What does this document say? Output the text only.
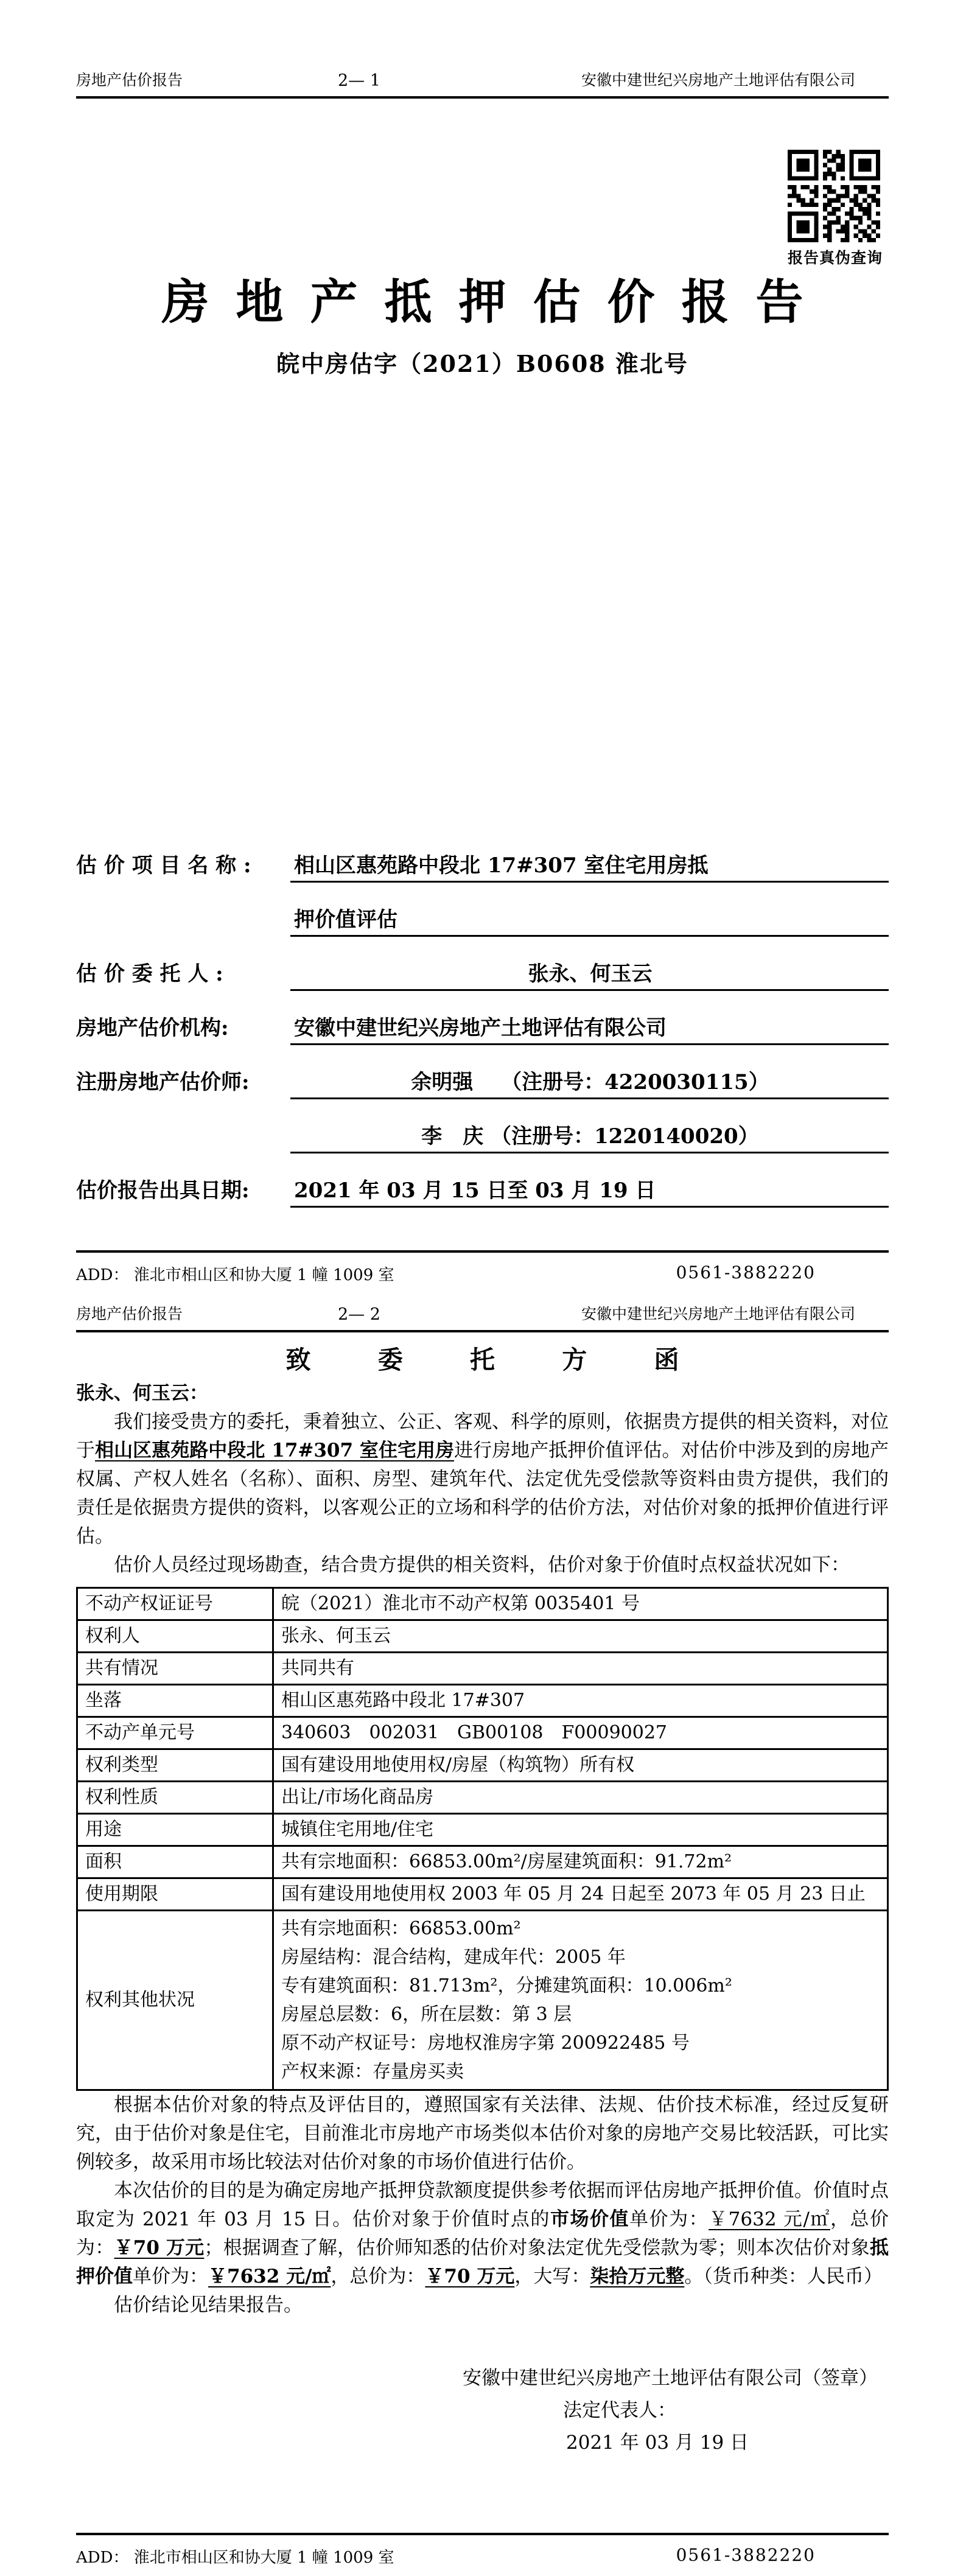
房地产估价报告	2— 1	安徽中建世纪兴房地产土地评估有限公司
报告真伪查询
房地产抵押估价报告
皖中房估字（2021）B0608 淮北号
估 价 项 目 名 称 :	相山区惠苑路中段北 17#307 室住宅用房抵
押价值评估
估 价 委 托 人 :	张永、何玉云
房地产估价机构:	安徽中建世纪兴房地产土地评估有限公司
注册房地产估价师:	余明强　 （注册号：4220030115）
李　庆 （注册号：1220140020）
估价报告出具日期:	2021 年 03 月 15 日至 03 月 19 日
ADD： 淮北市相山区和协大厦 1 幢 1009 室	0561-3882220
房地产估价报告	2— 2	安徽中建世纪兴房地产土地评估有限公司
致 委 托 方 函
张永、何玉云：
我们接受贵方的委托，秉着独立、公正、客观、科学的原则，依据贵方提供的相关资料，对位于相山区惠苑路中段北 17#307 室住宅用房进行房地产抵押价值评估。对估价中涉及到的房地产权属、产权人姓名（名称）、面积、房型、建筑年代、法定优先受偿款等资料由贵方提供，我们的责任是依据贵方提供的资料，以客观公正的立场和科学的估价方法，对估价对象的抵押价值进行评估。
估价人员经过现场勘查，结合贵方提供的相关资料，估价对象于价值时点权益状况如下：
不动产权证证号	皖（2021）淮北市不动产权第 0035401 号
权利人	张永、何玉云
共有情况	共同共有
坐落	相山区惠苑路中段北 17#307
不动产单元号	340603　002031　GB00108　F00090027
权利类型	国有建设用地使用权/房屋（构筑物）所有权
权利性质	出让/市场化商品房
用途	城镇住宅用地/住宅
面积	共有宗地面积：66853.00m²/房屋建筑面积：91.72m²
使用期限	国有建设用地使用权 2003 年 05 月 24 日起至 2073 年 05 月 23 日止
权利其他状况	
共有宗地面积：66853.00m²
房屋结构：混合结构，建成年代：2005 年
专有建筑面积：81.713m²，分摊建筑面积：10.006m²
房屋总层数：6，所在层数：第 3 层
原不动产权证号：房地权淮房字第 200922485 号
产权来源：存量房买卖
根据本估价对象的特点及评估目的，遵照国家有关法律、法规、估价技术标准，经过反复研究，由于估价对象是住宅，目前淮北市房地产市场类似本估价对象的房地产交易比较活跃，可比实例较多，故采用市场比较法对估价对象的市场价值进行估价。
本次估价的目的是为确定房地产抵押贷款额度提供参考依据而评估房地产抵押价值。价值时点取定为 2021 年 03 月 15 日。估价对象于价值时点的市场价值单价为：￥7632 元/㎡，总价为：￥70 万元；根据调查了解，估价师知悉的估价对象法定优先受偿款为零；则本次估价对象抵押价值单价为：￥7632 元/㎡，总价为：￥70 万元，大写：柒拾万元整。（货币种类：人民币）
估价结论见结果报告。
安徽中建世纪兴房地产土地评估有限公司（签章）
法定代表人：
2021 年 03 月 19 日
ADD： 淮北市相山区和协大厦 1 幢 1009 室	0561-3882220
